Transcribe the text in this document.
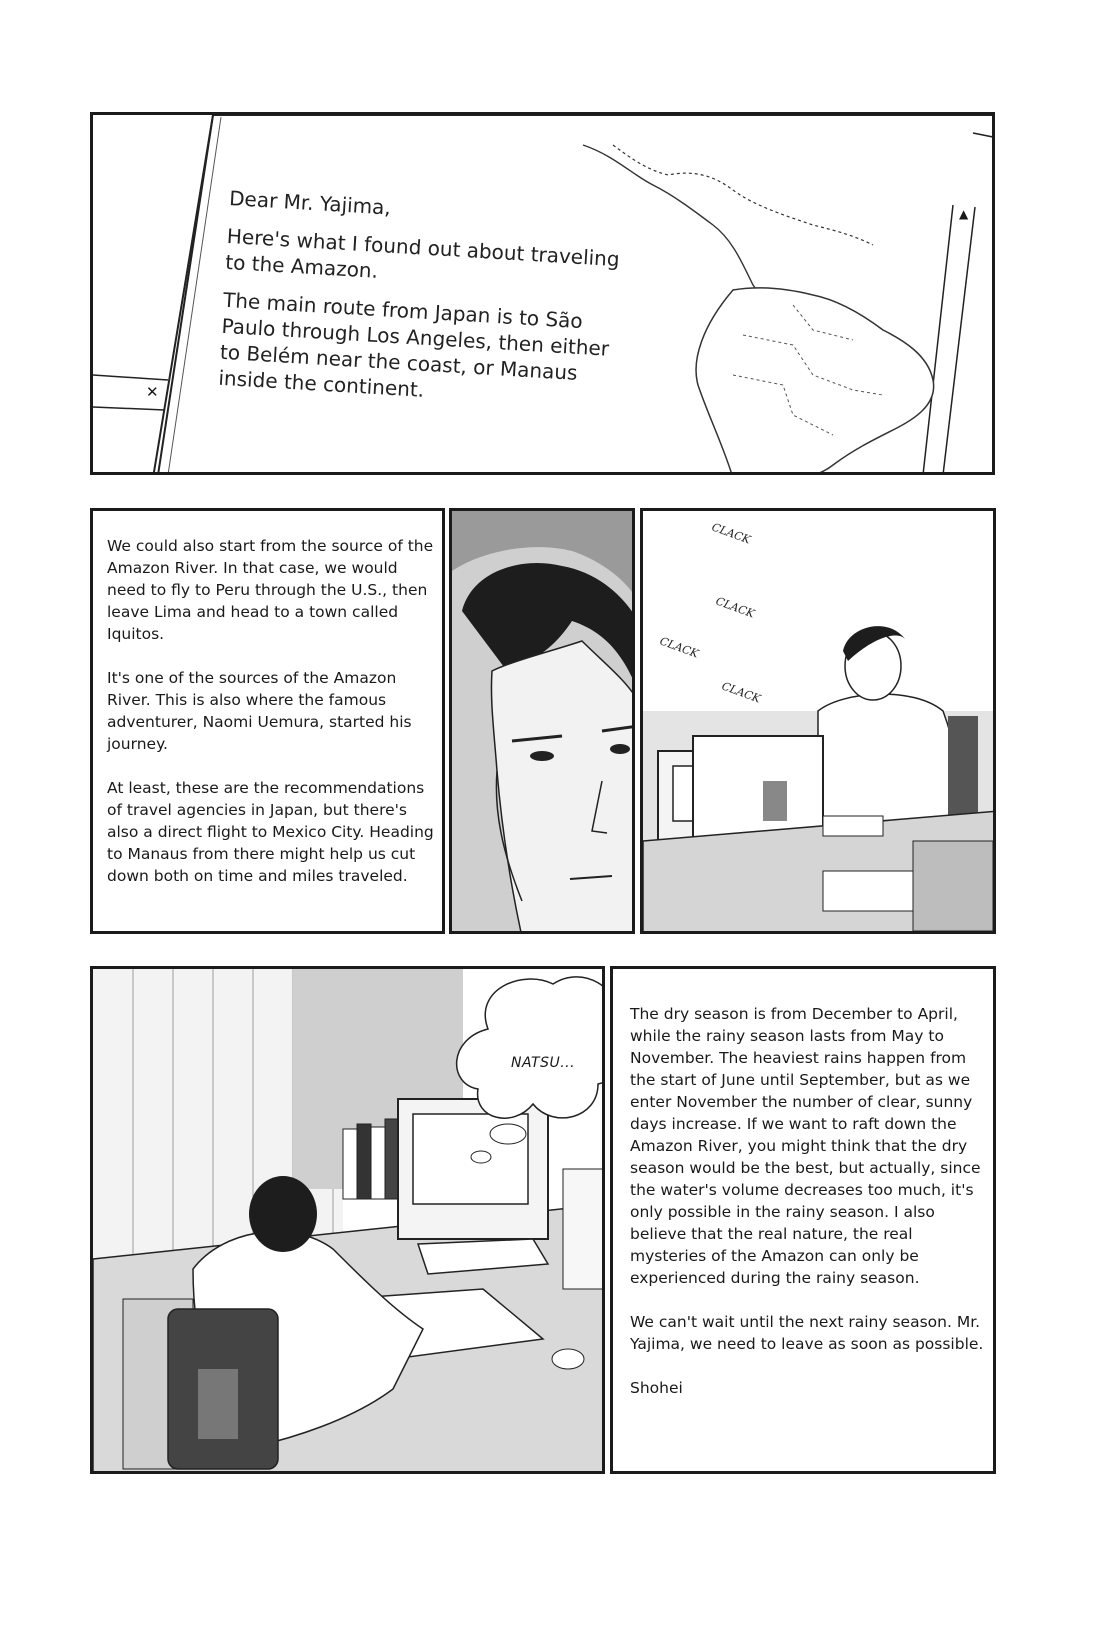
▲
✕

Dear Mr. Yajima,

Here's what I found out about traveling to the Amazon.

The main route from Japan is to São Paulo through Los Angeles, then either to Belém near the coast, or Manaus inside the continent.

We could also start from the source of the Amazon River. In that case, we would need to fly to Peru through the U.S., then leave Lima and head to a town called Iquitos.

It's one of the sources of the Amazon River. This is also where the famous adventurer, Naomi Uemura, started his journey.

At least, these are the recommendations of travel agencies in Japan, but there's also a direct flight to Mexico City. Heading to Manaus from there might help us cut down both on time and miles traveled.

CLACK
CLACK
CLACK
CLACK
NATSU...

The dry season is from December to April, while the rainy season lasts from May to November. The heaviest rains happen from the start of June until September, but as we enter November the number of clear, sunny days increase. If we want to raft down the Amazon River, you might think that the dry season would be the best, but actually, since the water's volume decreases too much, it's only possible in the rainy season. I also believe that the real nature, the real mysteries of the Amazon can only be experienced during the rainy season.

We can't wait until the next rainy season. Mr. Yajima, we need to leave as soon as possible.

Shohei
